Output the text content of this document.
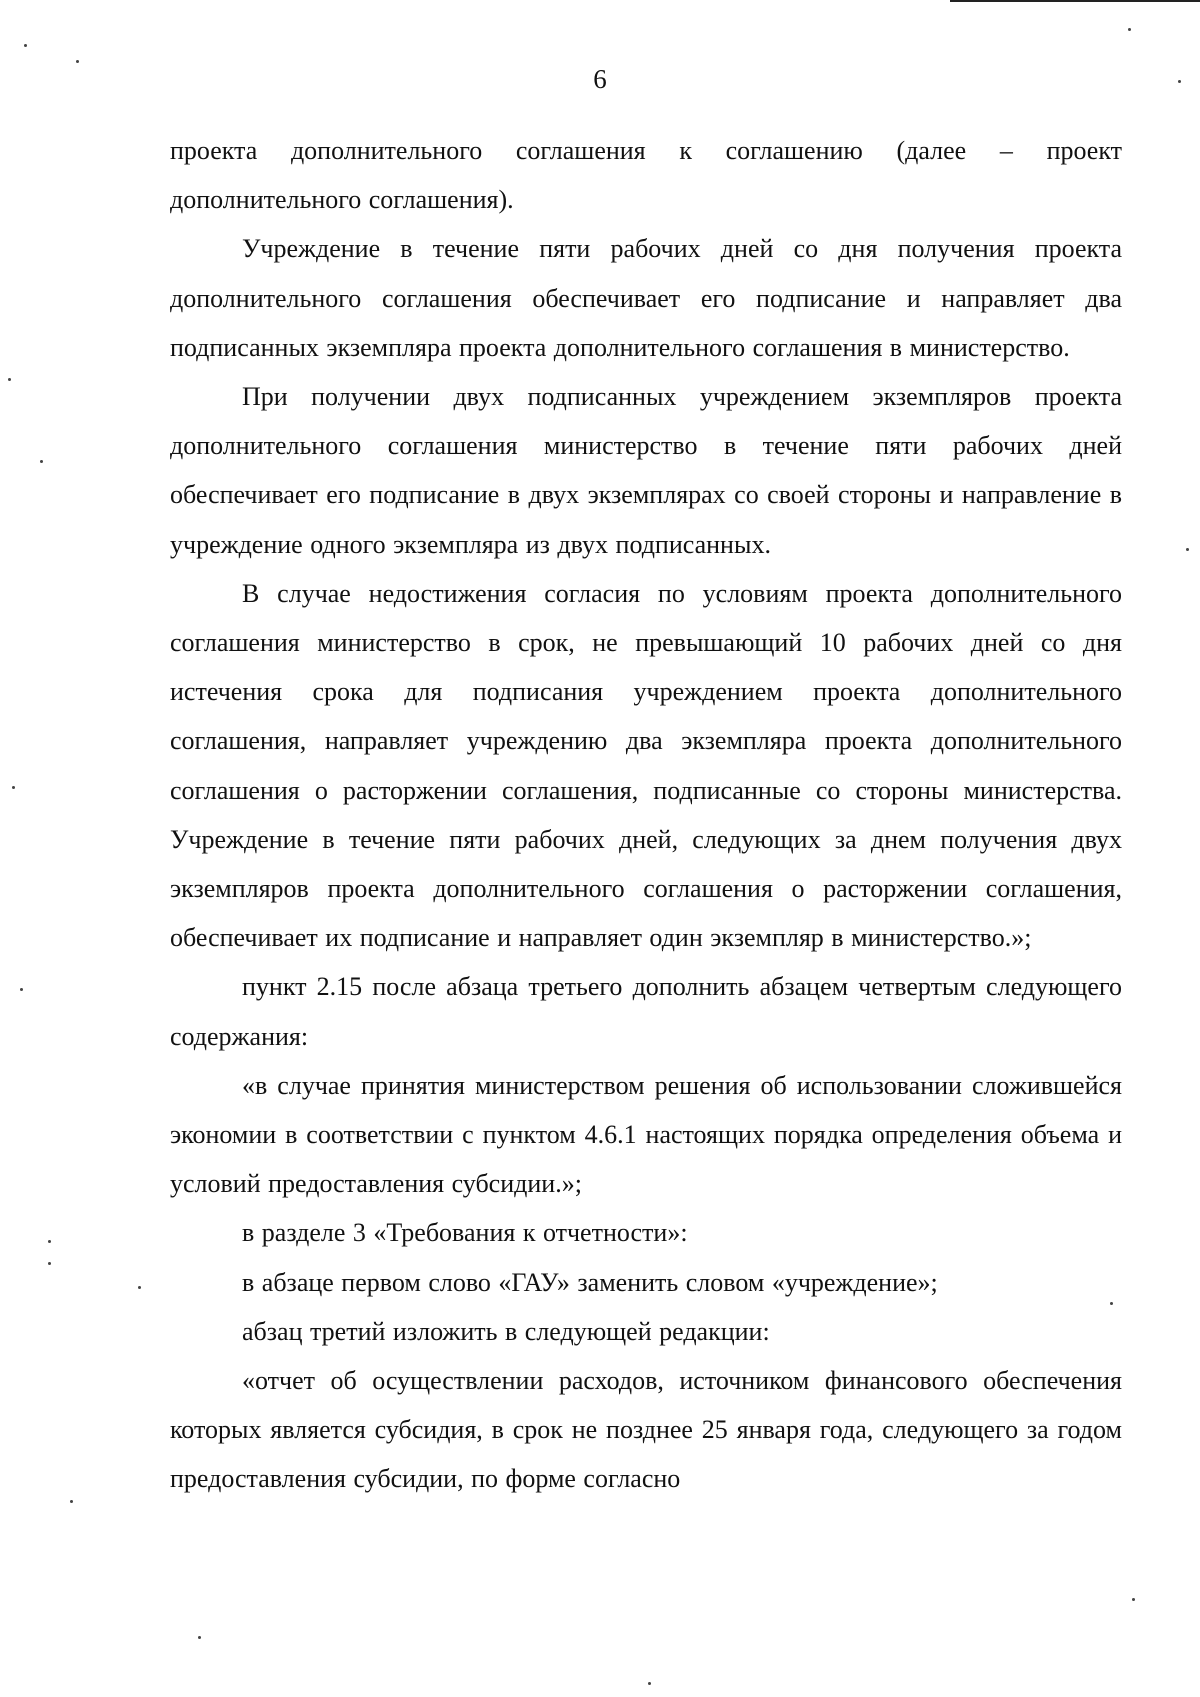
6

проекта дополнительного соглашения к соглашению (далее – проект дополнительного соглашения).

Учреждение в течение пяти рабочих дней со дня получения проекта дополнительного соглашения обеспечивает его подписание и направляет два подписанных экземпляра проекта дополнительного соглашения в министерство.

При получении двух подписанных учреждением экземпляров проекта дополнительного соглашения министерство в течение пяти рабочих дней обеспечивает его подписание в двух экземплярах со своей стороны и направление в учреждение одного экземпляра из двух подписанных.

В случае недостижения согласия по условиям проекта дополнительного соглашения министерство в срок, не превышающий 10 рабочих дней со дня истечения срока для подписания учреждением проекта дополнительного соглашения, направляет учреждению два экземпляра проекта дополнительного соглашения о расторжении соглашения, подписанные со стороны министерства. Учреждение в течение пяти рабочих дней, следующих за днем получения двух экземпляров проекта дополнительного соглашения о расторжении соглашения, обеспечивает их подписание и направляет один экземпляр в министерство.»;

пункт 2.15 после абзаца третьего дополнить абзацем четвертым следующего содержания:

«в случае принятия министерством решения об использовании сложившейся экономии в соответствии с пунктом 4.6.1 настоящих порядка определения объема и условий предоставления субсидии.»;

в разделе 3 «Требования к отчетности»:

в абзаце первом слово «ГАУ» заменить словом «учреждение»;

абзац третий изложить в следующей редакции:

«отчет об осуществлении расходов, источником финансового обеспечения которых является субсидия, в срок не позднее 25 января года, следующего за годом предоставления субсидии, по форме согласно
